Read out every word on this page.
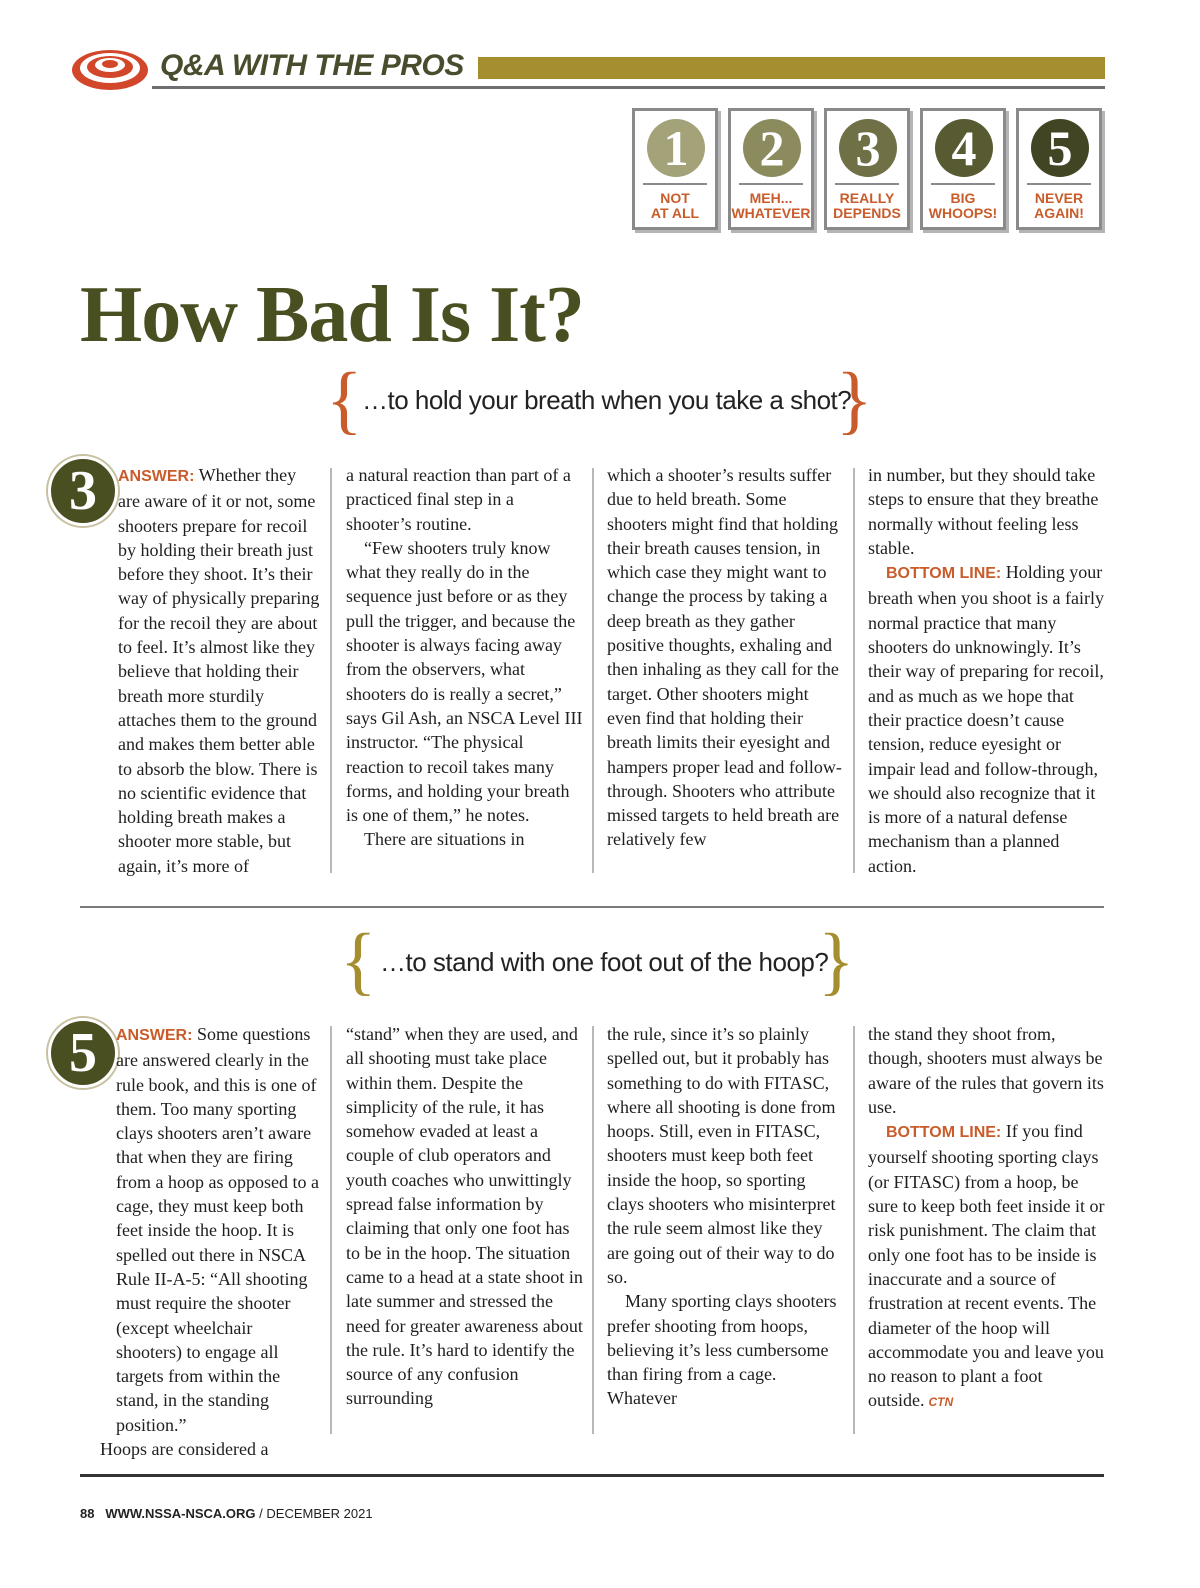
Q&A WITH THE PROS
1
NOT
AT ALL
2
MEH...
WHATEVER
3
REALLY
DEPENDS
4
BIG
WHOOPS!
5
NEVER
AGAIN!
How Bad Is It?
{ …to hold your breath when you take a shot?
}
3	ANSWER: Whether they are aware of it or not, some shooters prepare for recoil by holding their breath just before they shoot. It’s their way of physically preparing for the recoil they are about to feel. It’s almost like they believe that holding their breath more sturdily attaches them to the ground and makes them better able to absorb the blow. There is no scientific evidence that holding breath makes a shooter more stable, but again, it’s more of

a natural reaction than part of a practiced final step in a shooter’s routine.

“Few shooters truly know what they really do in the sequence just before or as they pull the trigger, and because the shooter is always facing away from the observers, what shooters do is really a secret,” says Gil Ash, an NSCA Level III instructor. “The physical reaction to recoil takes many forms, and holding your breath is one of them,” he notes.

There are situations in

which a shooter’s results suffer due to held breath. Some shooters might find that holding their breath causes tension, in which case they might want to change the process by taking a deep breath as they gather positive thoughts, exhaling and then inhaling as they call for the target. Other shooters might even find that holding their breath limits their eyesight and hampers proper lead and follow-through. Shooters who attribute missed targets to held breath are relatively few

in number, but they should take steps to ensure that they breathe normally without feeling less stable.

BOTTOM LINE: Holding your breath when you shoot is a fairly normal practice that many shooters do unknowingly. It’s their way of preparing for recoil, and as much as we hope that their practice doesn’t cause tension, reduce eyesight or impair lead and follow-through, we should also recognize that it is more of a natural defense mechanism than a planned action.

{ …to stand with one foot out of the hoop?
}
5	ANSWER: Some questions are answered clearly in the rule book, and this is one of them. Too many sporting clays shooters aren’t aware that when they are firing from a hoop as opposed to a cage, they must keep both feet inside the hoop. It is spelled out there in NSCA Rule II-A-5: “All shooting must require the shooter (except wheelchair shooters) to engage all targets from within the stand, in the standing position.”

Hoops are considered a

“stand” when they are used, and all shooting must take place within them. Despite the simplicity of the rule, it has somehow evaded at least a couple of club operators and youth coaches who unwittingly spread false information by claiming that only one foot has to be in the hoop. The situation came to a head at a state shoot in late summer and stressed the need for greater awareness about the rule. It’s hard to identify the source of any confusion surrounding

the rule, since it’s so plainly spelled out, but it probably has something to do with FITASC, where all shooting is done from hoops. Still, even in FITASC, shooters must keep both feet inside the hoop, so sporting clays shooters who misinterpret the rule seem almost like they are going out of their way to do so.

Many sporting clays shooters prefer shooting from hoops, believing it’s less cumbersome than firing from a cage. Whatever

the stand they shoot from, though, shooters must always be aware of the rules that govern its use.

BOTTOM LINE: If you find yourself shooting sporting clays (or FITASC) from a hoop, be sure to keep both feet inside it or risk punishment. The claim that only one foot has to be inside is inaccurate and a source of frustration at recent events. The diameter of the hoop will accommodate you and leave you no reason to plant a foot outside. CTN

88 WWW.NSSA-NSCA.ORG / DECEMBER 2021
